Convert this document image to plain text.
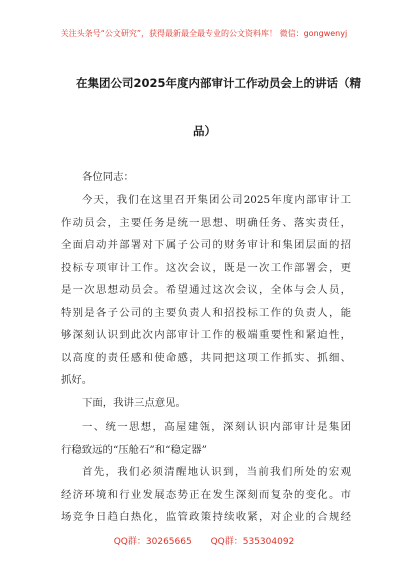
关注头条号“公文研究”，获得最新最全最专业的公文资料库！ 微信：gongwenyj
在集团公司2025年度内部审计工作动员会上的讲话（精
品）
各位同志：
今天，我们在这里召开集团公司2025年度内部审计工
作动员会，主要任务是统一思想、明确任务、落实责任，
全面启动并部署对下属子公司的财务审计和集团层面的招
投标专项审计工作。这次会议，既是一次工作部署会，更
是一次思想动员会。希望通过这次会议，全体与会人员，
特别是各子公司的主要负责人和招投标工作的负责人，能
够深刻认识到此次内部审计工作的极端重要性和紧迫性，
以高度的责任感和使命感，共同把这项工作抓实、抓细、
抓好。
下面，我讲三点意见。
一、统一思想，高屋建瓴，深刻认识内部审计是集团
行稳致远的“压舱石”和“稳定器”
首先，我们必须清醒地认识到，当前我们所处的宏观
经济环境和行业发展态势正在发生深刻而复杂的变化。市
场竞争日趋白热化，监管政策持续收紧，对企业的合规经
QQ群：30265665 QQ群：535304092
